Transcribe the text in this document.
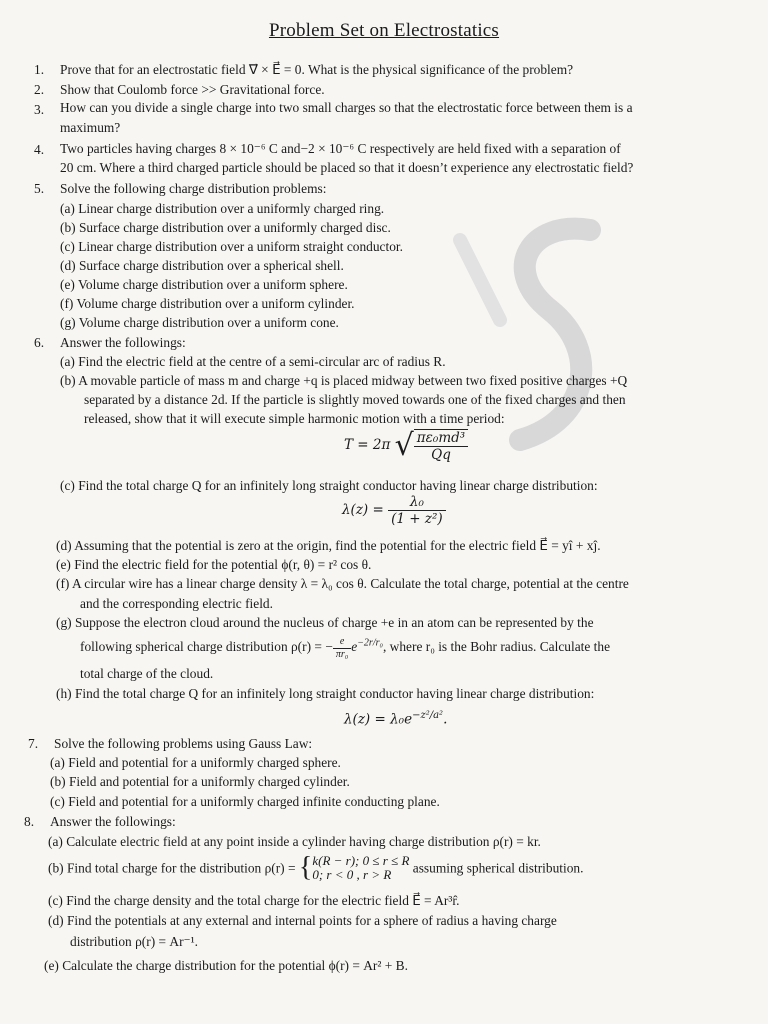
Problem Set on Electrostatics
1. Prove that for an electrostatic field ∇⃗ × E⃗ = 0. What is the physical significance of the problem?
2. Show that Coulomb force >> Gravitational force.
3. How can you divide a single charge into two small charges so that the electrostatic force between them is a
maximum?
4. Two particles having charges 8 × 10⁻⁶ C and−2 × 10⁻⁶ C respectively are held fixed with a separation of
20 cm. Where a third charged particle should be placed so that it doesn’t experience any electrostatic field?
5. Solve the following charge distribution problems:
(a) Linear charge distribution over a uniformly charged ring.
(b) Surface charge distribution over a uniformly charged disc.
(c) Linear charge distribution over a uniform straight conductor.
(d) Surface charge distribution over a spherical shell.
(e) Volume charge distribution over a uniform sphere.
(f) Volume charge distribution over a uniform cylinder.
(g) Volume charge distribution over a uniform cone.
6. Answer the followings:
(a) Find the electric field at the centre of a semi-circular arc of radius R.
(b) A movable particle of mass m and charge +q is placed midway between two fixed positive charges +Q
separated by a distance 2d. If the particle is slightly moved towards one of the fixed charges and then
released, show that it will execute simple harmonic motion with a time period:
T = 2π √ $\frac{\text{πε₀md³}}{Qq}$
(c) Find the total charge Q for an infinitely long straight conductor having linear charge distribution:
$\lambda(z) = \frac{\text{λ₀}}{\text{(1 + z²)}}$
(d) Assuming that the potential is zero at the origin, find the potential for the electric field E⃗ = yî + xĵ.
(e) Find the electric field for the potential ϕ(r, θ) = r² cos θ.
(f) A circular wire has a linear charge density λ = λ₀ cos θ. Calculate the total charge, potential at the centre
and the corresponding electric field.
(g) Suppose the electron cloud around the nucleus of charge +e in an atom can be represented by the
following spherical charge distribution ρ(r) = − $\frac{e}{\text{πr₀}} e^{-2r/r_0}$, where r₀ is the Bohr radius. Calculate the
total charge of the cloud.
(h) Find the total charge Q for an infinitely long straight conductor having linear charge distribution:
$\lambda(z) = \lambda_0e^{-z^2/a^2}$.
7. Solve the following problems using Gauss Law:
(a) Field and potential for a uniformly charged sphere.
(b) Field and potential for a uniformly charged cylinder.
(c) Field and potential for a uniformly charged infinite conducting plane.
8. Answer the followings:
(a) Calculate electric field at any point inside a cylinder having charge distribution ρ(r) = kr.
(b) Find total charge for the distribution ρ(r) = { k(R − r); 0 ≤ r ≤ R
0; r < 0 , r > R	assuming spherical distribution.
(c) Find the charge density and the total charge for the electric field E⃗ = Ar³r̂.
(d) Find the potentials at any external and internal points for a sphere of radius a having charge
distribution ρ(r) = Ar⁻¹.
(e) Calculate the charge distribution for the potential ϕ(r) = Ar² + B.
